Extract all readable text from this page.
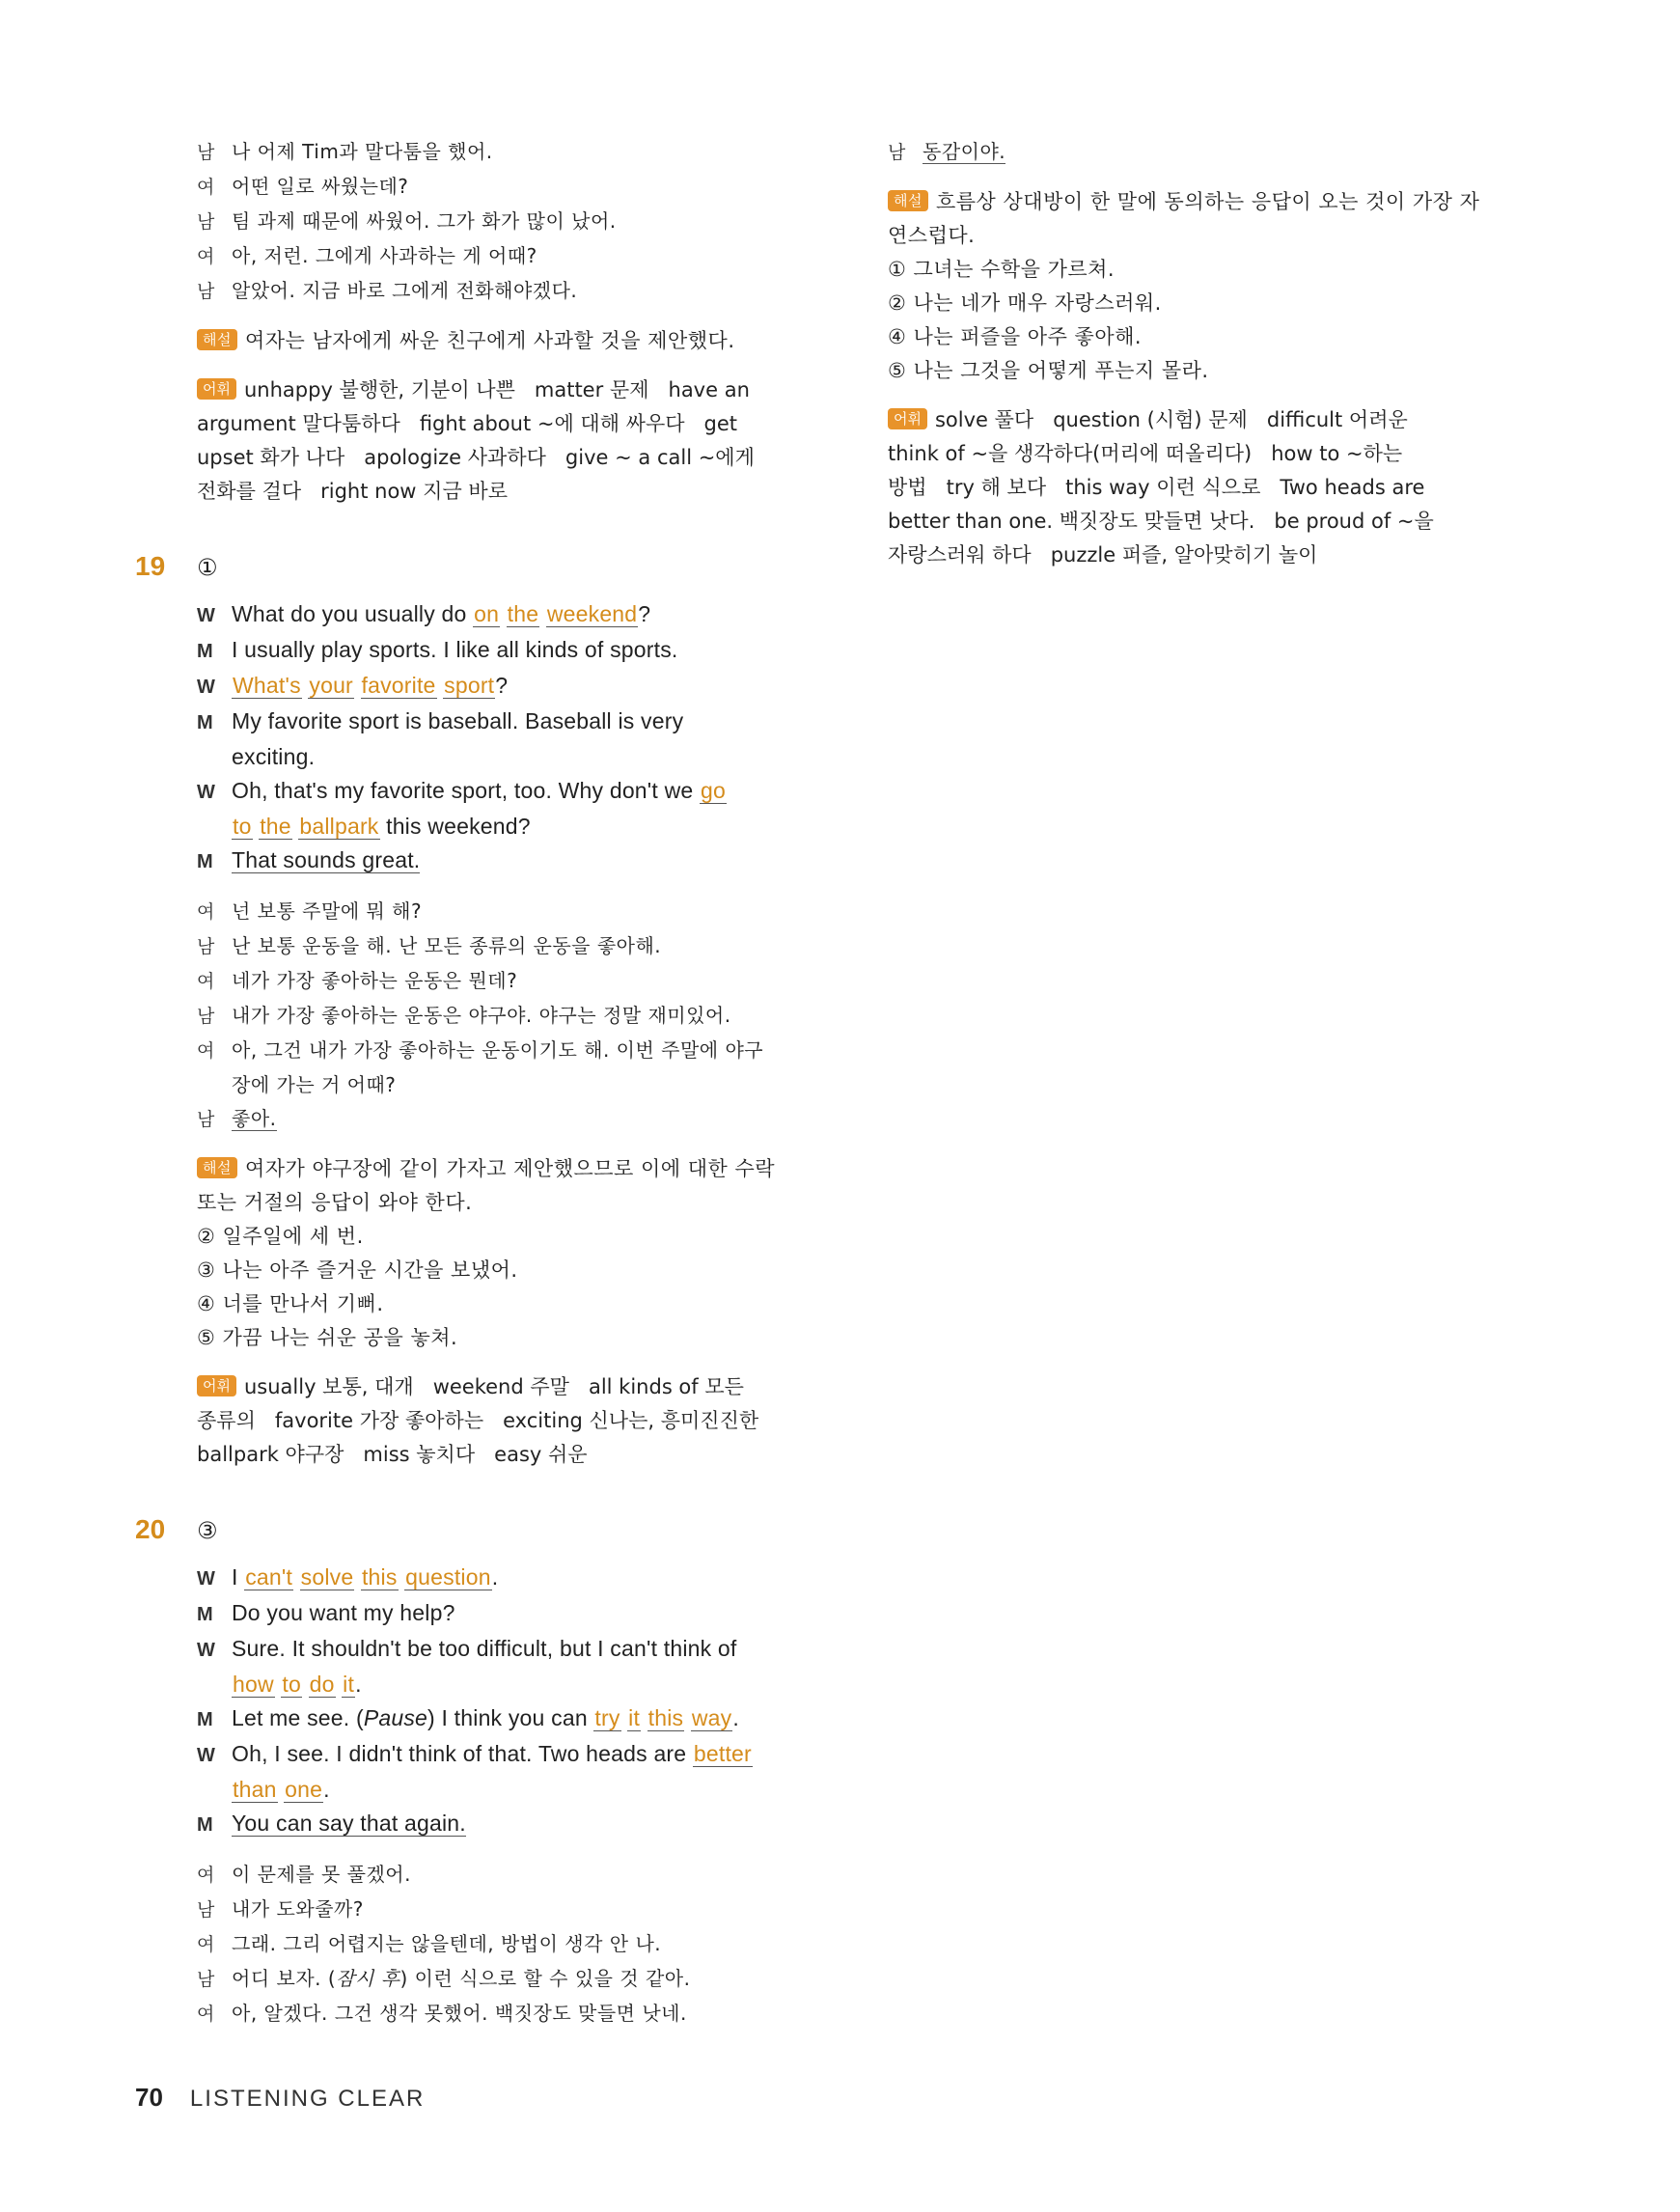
남 나 어제 Tim과 말다툼을 했어.
여 어떤 일로 싸웠는데?
남 팀 과제 때문에 싸웠어. 그가 화가 많이 났어.
여 아, 저런. 그에게 사과하는 게 어때?
남 알았어. 지금 바로 그에게 전화해야겠다.
해설 여자는 남자에게 싸운 친구에게 사과할 것을 제안했다.
어휘 unhappy 불행한, 기분이 나쁜   matter 문제   have an
argument 말다툼하다   fight about ~에 대해 싸우다   get
upset 화가 나다   apologize 사과하다   give ~ a call ~에게
전화를 걸다   right now 지금 바로
19	①
W What do you usually do on the weekend?
M I usually play sports. I like all kinds of sports.
W What's your favorite sport?
M My favorite sport is baseball. Baseball is very
exciting.
W Oh, that's my favorite sport, too. Why don't we go
to the ballpark this weekend?
M That sounds great.
여 넌 보통 주말에 뭐 해?
남 난 보통 운동을 해. 난 모든 종류의 운동을 좋아해.
여 네가 가장 좋아하는 운동은 뭔데?
남 내가 가장 좋아하는 운동은 야구야. 야구는 정말 재미있어.
여 아, 그건 내가 가장 좋아하는 운동이기도 해. 이번 주말에 야구
장에 가는 거 어때?
남 좋아.
해설 여자가 야구장에 같이 가자고 제안했으므로 이에 대한 수락
또는 거절의 응답이 와야 한다.
② 일주일에 세 번.
③ 나는 아주 즐거운 시간을 보냈어.
④ 너를 만나서 기뻐.
⑤ 가끔 나는 쉬운 공을 놓쳐.
어휘 usually 보통, 대개   weekend 주말   all kinds of 모든
종류의   favorite 가장 좋아하는   exciting 신나는, 흥미진진한
ballpark 야구장   miss 놓치다   easy 쉬운
20	③
W I can't solve this question.
M Do you want my help?
W Sure. It shouldn't be too difficult, but I can't think of
how to do it.
M Let me see. (Pause) I think you can try it this way.
W Oh, I see. I didn't think of that. Two heads are better
than one.
M You can say that again.
여 이 문제를 못 풀겠어.
남 내가 도와줄까?
여 그래. 그리 어렵지는 않을텐데, 방법이 생각 안 나.
남 어디 보자. (잠시 후) 이런 식으로 할 수 있을 것 같아.
여 아, 알겠다. 그건 생각 못했어. 백짓장도 맞들면 낫네.
남 동감이야.
해설 흐름상 상대방이 한 말에 동의하는 응답이 오는 것이 가장 자
연스럽다.
① 그녀는 수학을 가르쳐.
② 나는 네가 매우 자랑스러워.
④ 나는 퍼즐을 아주 좋아해.
⑤ 나는 그것을 어떻게 푸는지 몰라.
어휘 solve 풀다   question (시험) 문제   difficult 어려운
think of ~을 생각하다(머리에 떠올리다)   how to ~하는
방법   try 해 보다   this way 이런 식으로   Two heads are
better than one. 백짓장도 맞들면 낫다.   be proud of ~을
자랑스러워 하다   puzzle 퍼즐, 알아맞히기 놀이
70 LISTENING CLEAR
